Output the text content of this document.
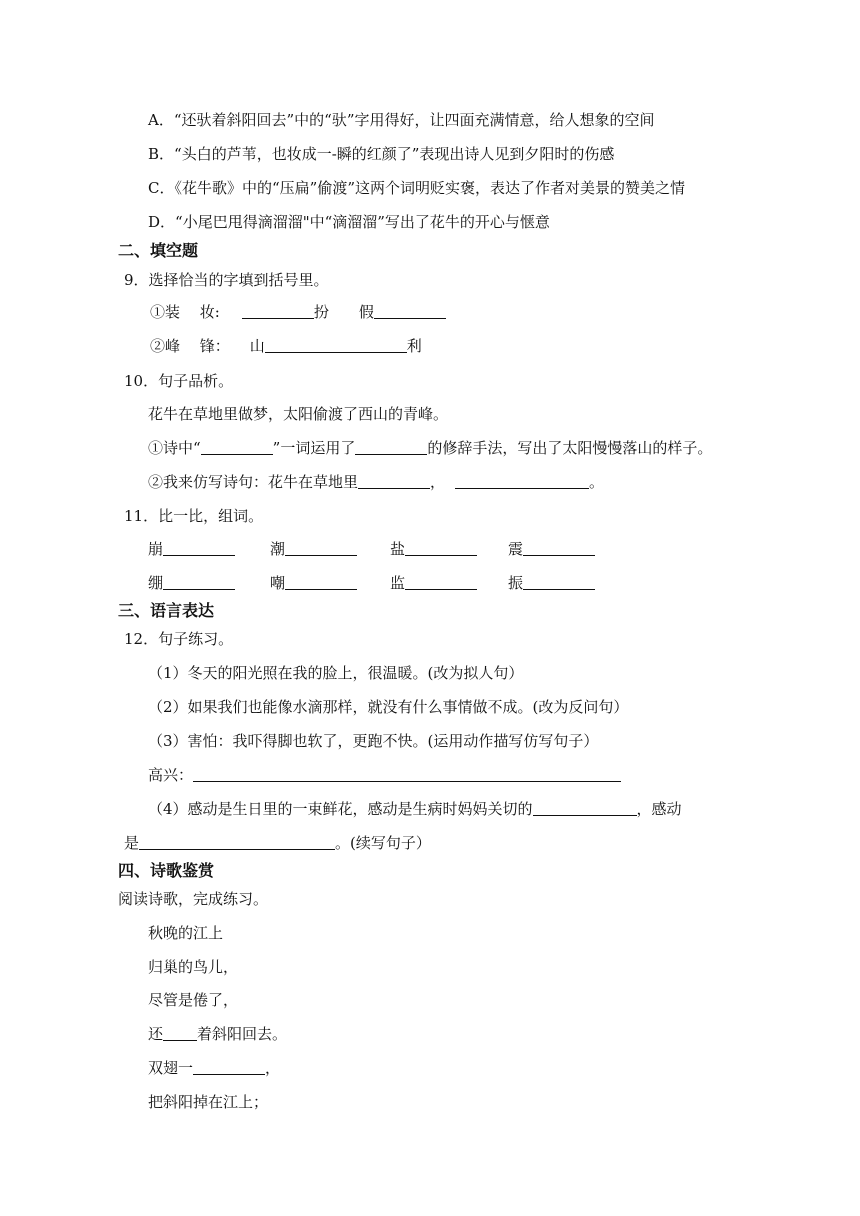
A．“还驮着斜阳回去”中的“驮”字用得好，让四面充满情意，给人想象的空间
B．“头白的芦苇，也妆成一-瞬的红颜了”表现出诗人见到夕阳时的伤感
C．《花牛歌》中的“压扁”偷渡”这两个词明贬实褒，表达了作者对美景的赞美之情
D．“小尾巴甩得滴溜溜"中“滴溜溜”写出了花牛的开心与惬意
二、填空题
9．选择恰当的字填到括号里。
①装　 妆:	扮 假
②峰　 锋： 山	利
10．句子品析。
花牛在草地里做梦，太阳偷渡了西山的青峰。
①诗中“	”一词运用了	的修辞手法，写出了太阳慢慢落山的样子。
②我来仿写诗句：花牛在草地里	，	。
11．比一比，组词。
崩	潮	盐	震
绷	嘲	监	振
三、语言表达
12．句子练习。
（1）冬天的阳光照在我的脸上，很温暖。(改为拟人句）
（2）如果我们也能像水滴那样，就没有什么事情做不成。(改为反问句）
（3）害怕：我吓得脚也软了，更跑不快。(运用动作描写仿写句子）
高兴：
（4）感动是生日里的一束鲜花，感动是生病时妈妈关切的	，感动
是	。(续写句子）
四、诗歌鉴赏
阅读诗歌，完成练习。
秋晚的江上
归巢的鸟儿，
尽管是倦了，
还 着斜阳回去。
双翅一	，
把斜阳掉在江上；
